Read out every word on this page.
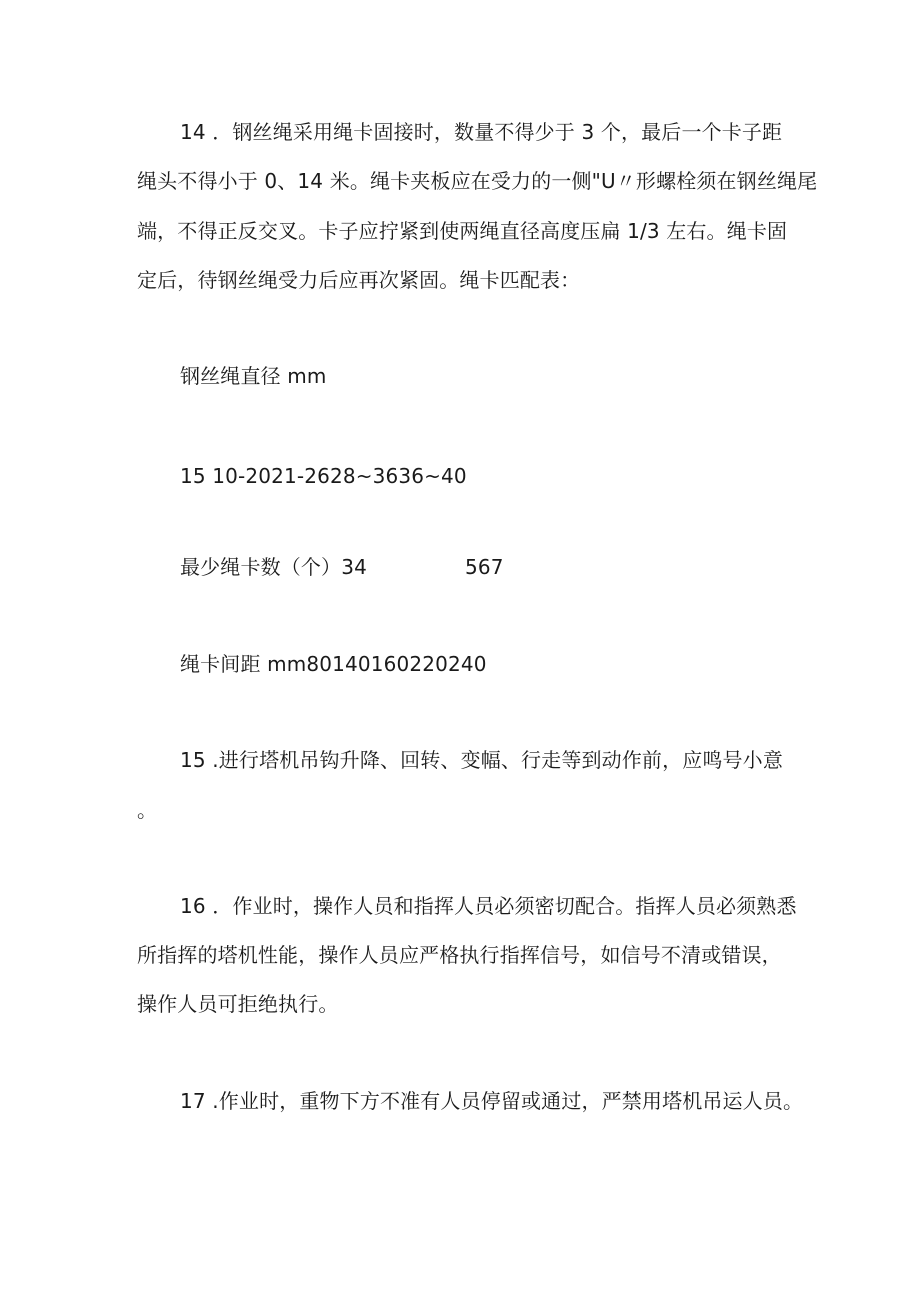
14 ．钢丝绳采用绳卡固接时，数量不得少于 3 个，最后一个卡子距
绳头不得小于 0、14 米。绳卡夹板应在受力的一侧"U〃形螺栓须在钢丝绳尾
端，不得正反交叉。卡子应拧紧到使两绳直径高度压扁 1/3 左右。绳卡固
定后，待钢丝绳受力后应再次紧固。绳卡匹配表：
钢丝绳直径 mm
15 10-2021-2628~3636~40
最少绳卡数（个）34	567
绳卡间距 mm80140160220240
15 .进行塔机吊钩升降、回转、变幅、行走等到动作前，应鸣号小意
。
16 ．作业时，操作人员和指挥人员必须密切配合。指挥人员必须熟悉
所指挥的塔机性能，操作人员应严格执行指挥信号，如信号不清或错误，
操作人员可拒绝执行。
17 .作业时，重物下方不准有人员停留或通过，严禁用塔机吊运人员。
